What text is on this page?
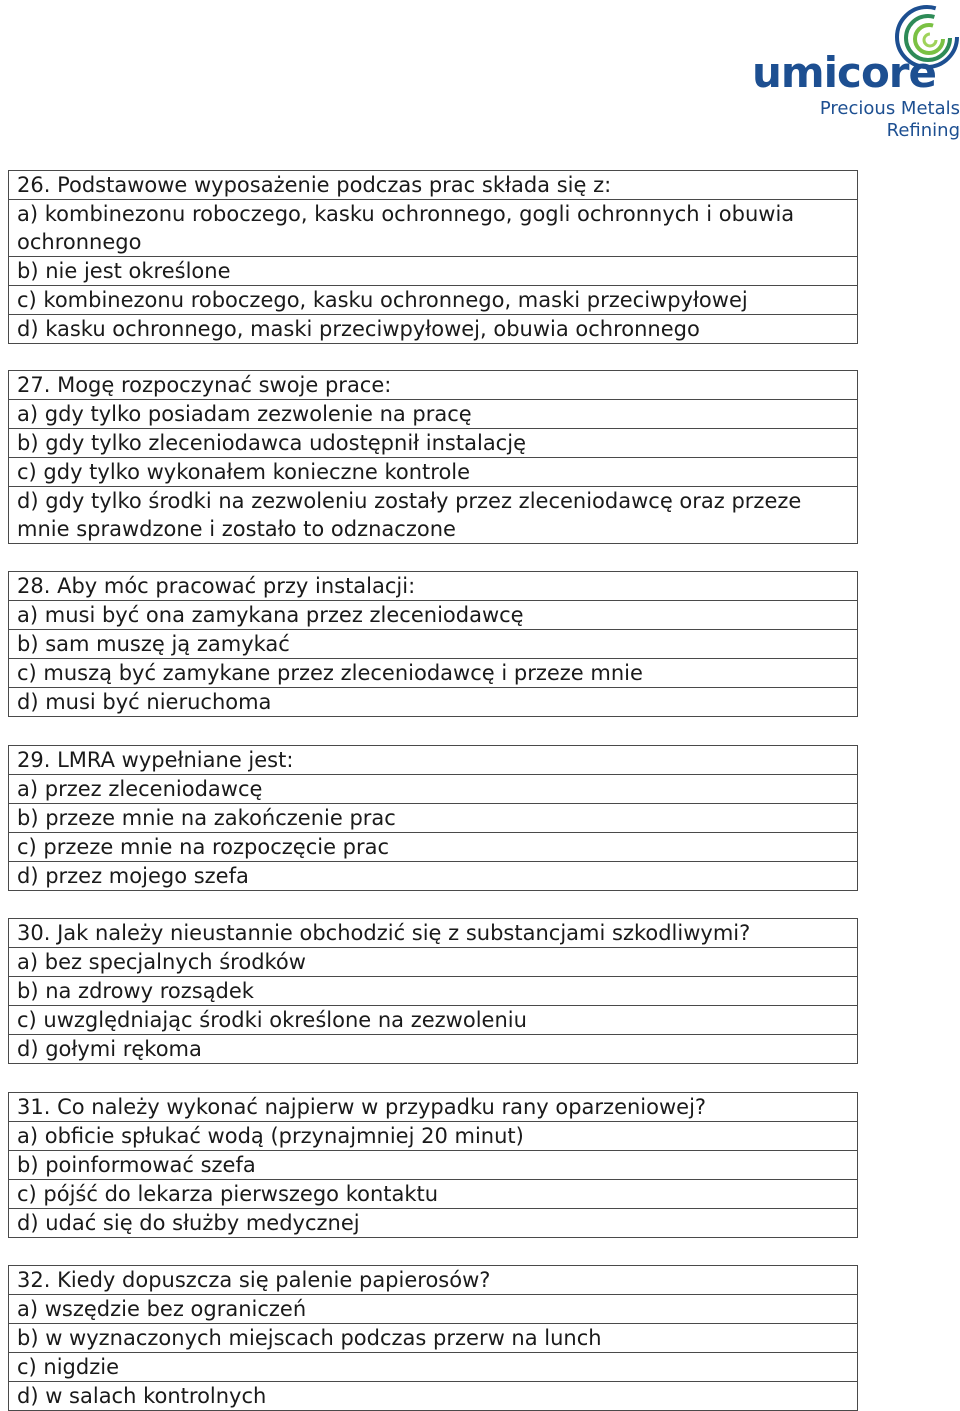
umicore
Precious Metals
Refining
26. Podstawowe wyposażenie podczas prac składa się z:
a) kombinezonu roboczego, kasku ochronnego, gogli ochronnych i obuwia ochronnego
b) nie jest określone
c) kombinezonu roboczego, kasku ochronnego, maski przeciwpyłowej
d) kasku ochronnego, maski przeciwpyłowej, obuwia ochronnego
27. Mogę rozpoczynać swoje prace:
a) gdy tylko posiadam zezwolenie na pracę
b) gdy tylko zleceniodawca udostępnił instalację
c) gdy tylko wykonałem konieczne kontrole
d) gdy tylko środki na zezwoleniu zostały przez zleceniodawcę oraz przeze mnie sprawdzone i zostało to odznaczone
28. Aby móc pracować przy instalacji:
a) musi być ona zamykana przez zleceniodawcę
b) sam muszę ją zamykać
c) muszą być zamykane przez zleceniodawcę i przeze mnie
d) musi być nieruchoma
29. LMRA wypełniane jest:
a) przez zleceniodawcę
b) przeze mnie na zakończenie prac
c) przeze mnie na rozpoczęcie prac
d) przez mojego szefa
30. Jak należy nieustannie obchodzić się z substancjami szkodliwymi?
a) bez specjalnych środków
b) na zdrowy rozsądek
c) uwzględniając środki określone na zezwoleniu
d) gołymi rękoma
31. Co należy wykonać najpierw w przypadku rany oparzeniowej?
a) obficie spłukać wodą (przynajmniej 20 minut)
b) poinformować szefa
c) pójść do lekarza pierwszego kontaktu
d) udać się do służby medycznej
32. Kiedy dopuszcza się palenie papierosów?
a) wszędzie bez ograniczeń
b) w wyznaczonych miejscach podczas przerw na lunch
c) nigdzie
d) w salach kontrolnych
